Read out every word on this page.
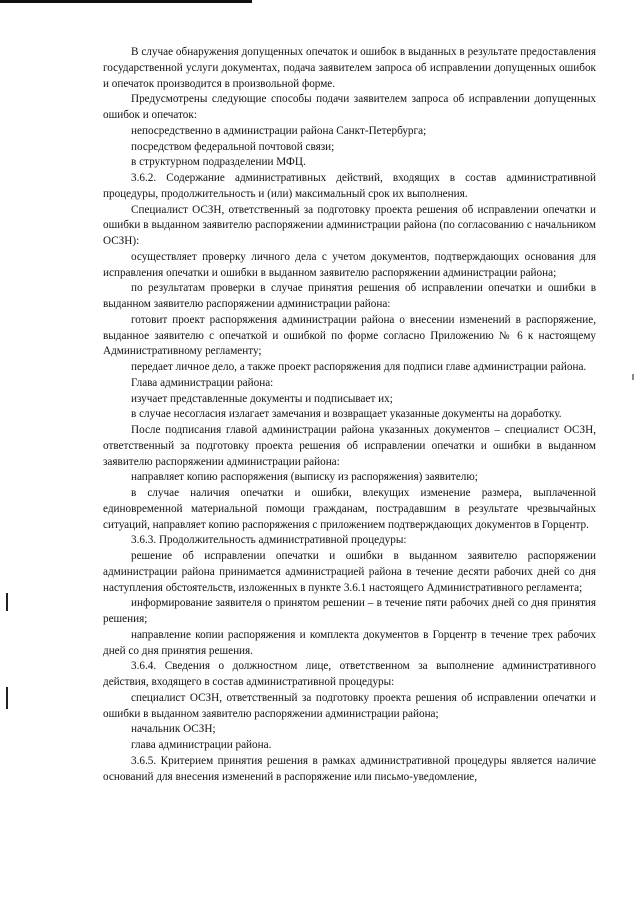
В случае обнаружения допущенных опечаток и ошибок в выданных в результате предоставления государственной услуги документах, подача заявителем запроса об исправлении допущенных ошибок и опечаток производится в произвольной форме.

Предусмотрены следующие способы подачи заявителем запроса об исправлении допущенных ошибок и опечаток:

непосредственно в администрации района Санкт-Петербурга;

посредством федеральной почтовой связи;

в структурном подразделении МФЦ.

3.6.2. Содержание административных действий, входящих в состав административной процедуры, продолжительность и (или) максимальный срок их выполнения.

Специалист ОСЗН, ответственный за подготовку проекта решения об исправлении опечатки и ошибки в выданном заявителю распоряжении администрации района (по согласованию с начальником ОСЗН):

осуществляет проверку личного дела с учетом документов, подтверждающих основания для исправления опечатки и ошибки в выданном заявителю распоряжении администрации района;

по результатам проверки в случае принятия решения об исправлении опечатки и ошибки в выданном заявителю распоряжении администрации района:

готовит проект распоряжения администрации района о внесении изменений в распоряжение, выданное заявителю с опечаткой и ошибкой по форме согласно Приложению № 6 к настоящему Административному регламенту;

передает личное дело, а также проект распоряжения для подписи главе администрации района.

Глава администрации района:

изучает представленные документы и подписывает их;

в случае несогласия излагает замечания и возвращает указанные документы на доработку.

После подписания главой администрации района указанных документов – специалист ОСЗН, ответственный за подготовку проекта решения об исправлении опечатки и ошибки в выданном заявителю распоряжении администрации района:

направляет копию распоряжения (выписку из распоряжения) заявителю;

в случае наличия опечатки и ошибки, влекущих изменение размера, выплаченной единовременной материальной помощи гражданам, пострадавшим в результате чрезвычайных ситуаций, направляет копию распоряжения с приложением подтверждающих документов в Горцентр.

3.6.3. Продолжительность административной процедуры:

решение об исправлении опечатки и ошибки в выданном заявителю распоряжении администрации района принимается администрацией района в течение десяти рабочих дней со дня наступления обстоятельств, изложенных в пункте 3.6.1 настоящего Административного регламента;

информирование заявителя о принятом решении – в течение пяти рабочих дней со дня принятия решения;

направление копии распоряжения и комплекта документов в Горцентр в течение трех рабочих дней со дня принятия решения.

3.6.4. Сведения о должностном лице, ответственном за выполнение административного действия, входящего в состав административной процедуры:

специалист ОСЗН, ответственный за подготовку проекта решения об исправлении опечатки и ошибки в выданном заявителю распоряжении администрации района;

начальник ОСЗН;

глава администрации района.

3.6.5. Критерием принятия решения в рамках административной процедуры является наличие оснований для внесения изменений в распоряжение или письмо-уведомление,
